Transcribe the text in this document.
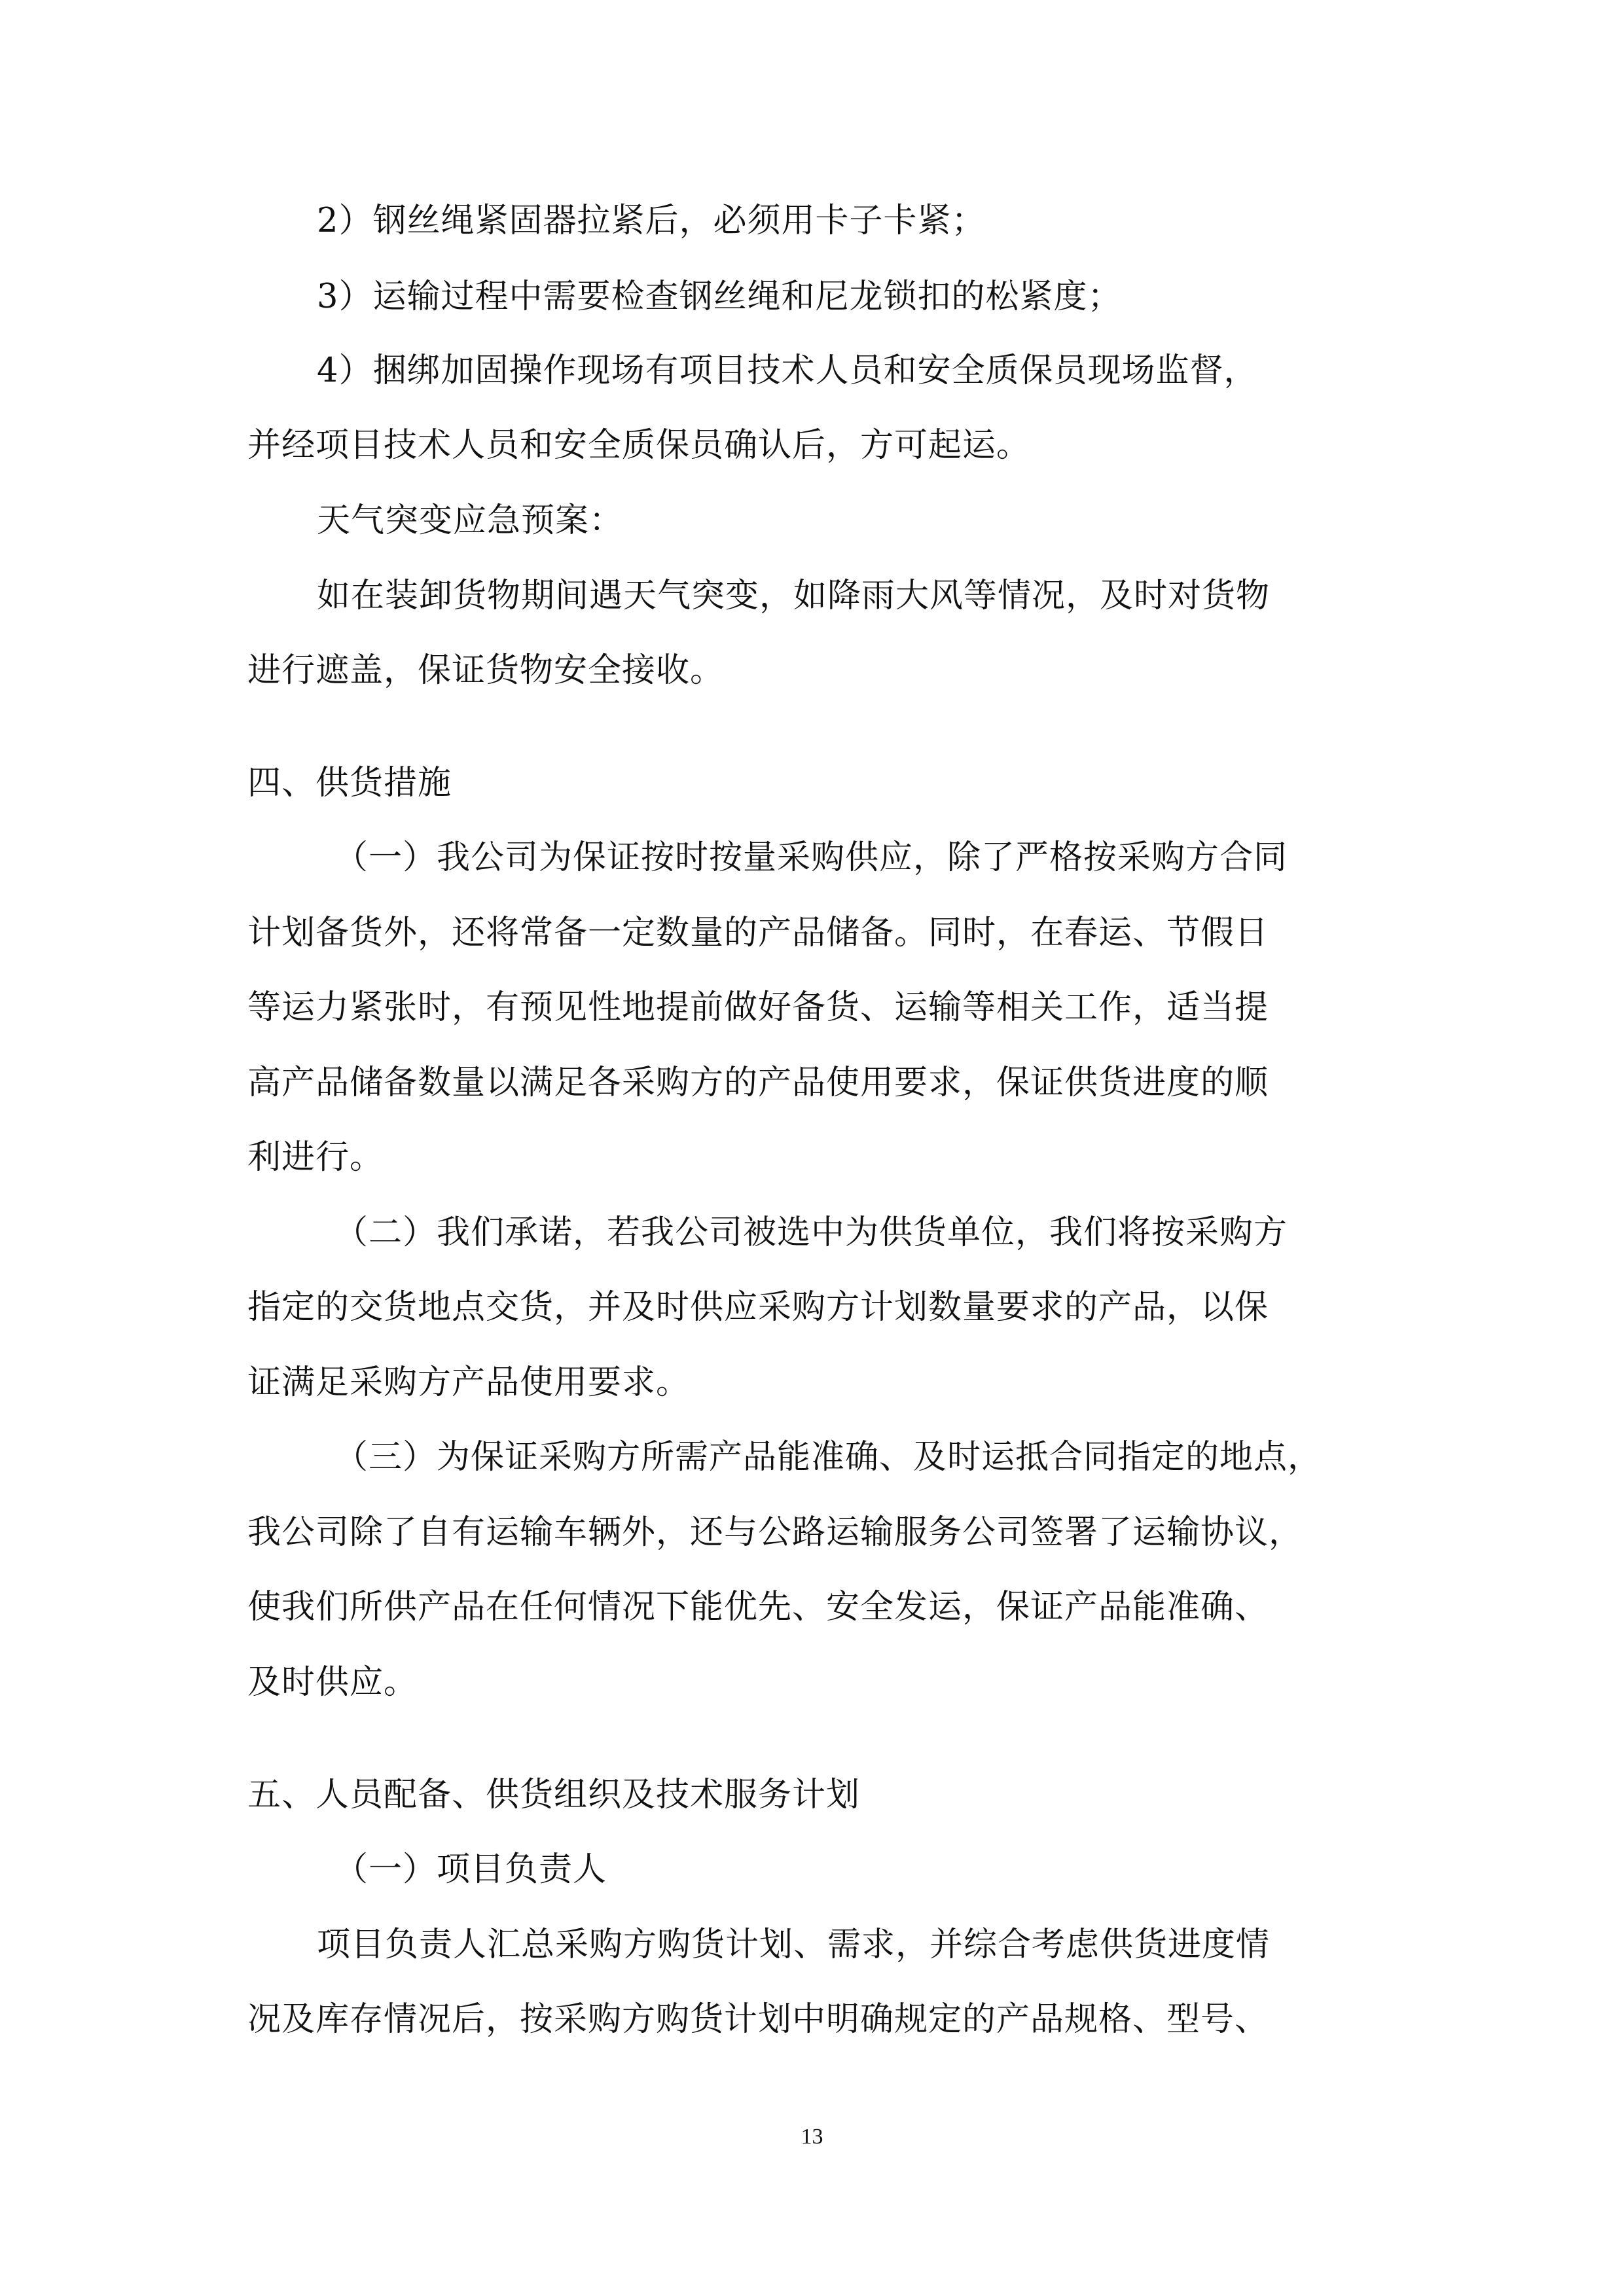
2）钢丝绳紧固器拉紧后，必须用卡子卡紧；
3）运输过程中需要检查钢丝绳和尼龙锁扣的松紧度；
4）捆绑加固操作现场有项目技术人员和安全质保员现场监督，
并经项目技术人员和安全质保员确认后，方可起运。
天气突变应急预案：
如在装卸货物期间遇天气突变，如降雨大风等情况，及时对货物
进行遮盖，保证货物安全接收。
四、供货措施
（一）我公司为保证按时按量采购供应，除了严格按采购方合同
计划备货外，还将常备一定数量的产品储备。同时，在春运、节假日
等运力紧张时，有预见性地提前做好备货、运输等相关工作，适当提
高产品储备数量以满足各采购方的产品使用要求，保证供货进度的顺
利进行。
（二）我们承诺，若我公司被选中为供货单位，我们将按采购方
指定的交货地点交货，并及时供应采购方计划数量要求的产品，以保
证满足采购方产品使用要求。
（三）为保证采购方所需产品能准确、及时运抵合同指定的地点，
我公司除了自有运输车辆外，还与公路运输服务公司签署了运输协议，
使我们所供产品在任何情况下能优先、安全发运，保证产品能准确、
及时供应。
五、人员配备、供货组织及技术服务计划
（一）项目负责人
项目负责人汇总采购方购货计划、需求，并综合考虑供货进度情
况及库存情况后，按采购方购货计划中明确规定的产品规格、型号、
13
